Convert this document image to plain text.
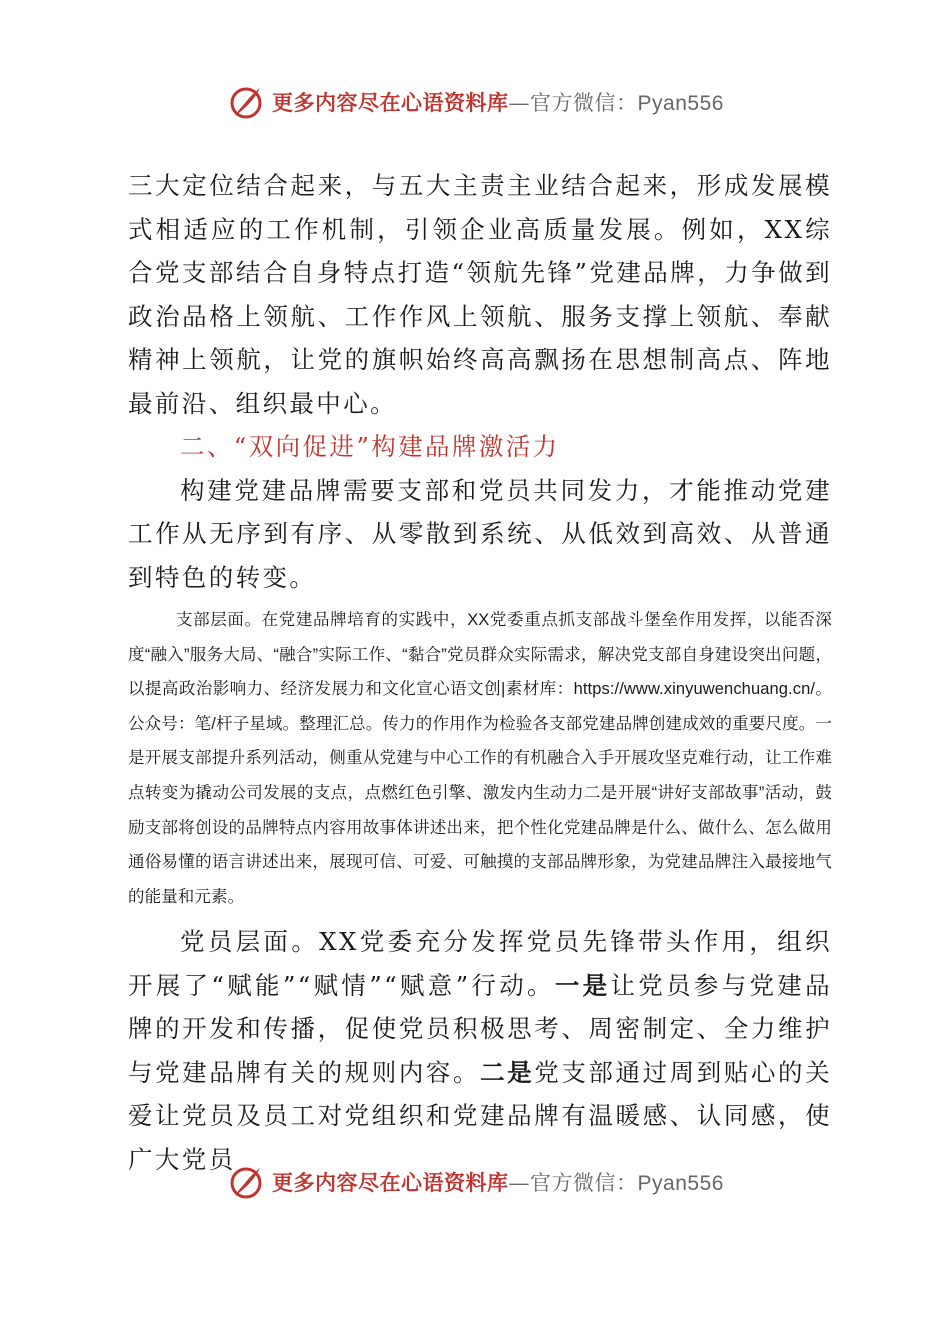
更多内容尽在心语资料库—官方微信：Pyan556

三大定位结合起来，与五大主责主业结合起来，形成发展模式相适应的工作机制，引领企业高质量发展。例如，XX综合党支部结合自身特点打造“领航先锋”党建品牌，力争做到政治品格上领航、工作作风上领航、服务支撑上领航、奉献精神上领航，让党的旗帜始终高高飘扬在思想制高点、阵地最前沿、组织最中心。

二、“双向促进”构建品牌激活力

构建党建品牌需要支部和党员共同发力，才能推动党建工作从无序到有序、从零散到系统、从低效到高效、从普通到特色的转变。

支部层面。在党建品牌培育的实践中，XX党委重点抓支部战斗堡垒作用发挥，以能否深度“融入”服务大局、“融合”实际工作、“黏合”党员群众实际需求，解决党支部自身建设突出问题，以提高政治影响力、经济发展力和文化宣心语文创|素材库：https://www.xinyuwenchuang.cn/。公众号：笔/杆子星域。整理汇总。传力的作用作为检验各支部党建品牌创建成效的重要尺度。一是开展支部提升系列活动，侧重从党建与中心工作的有机融合入手开展攻坚克难行动，让工作难点转变为撬动公司发展的支点，点燃红色引擎、激发内生动力二是开展“讲好支部故事”活动，鼓励支部将创设的品牌特点内容用故事体讲述出来，把个性化党建品牌是什么、做什么、怎么做用通俗易懂的语言讲述出来，展现可信、可爱、可触摸的支部品牌形象，为党建品牌注入最接地气的能量和元素。

党员层面。XX党委充分发挥党员先锋带头作用，组织开展了“赋能”“赋情”“赋意”行动。一是让党员参与党建品牌的开发和传播，促使党员积极思考、周密制定、全力维护与党建品牌有关的规则内容。二是党支部通过周到贴心的关爱让党员及员工对党组织和党建品牌有温暖感、认同感，使广大党员

更多内容尽在心语资料库—官方微信：Pyan556
